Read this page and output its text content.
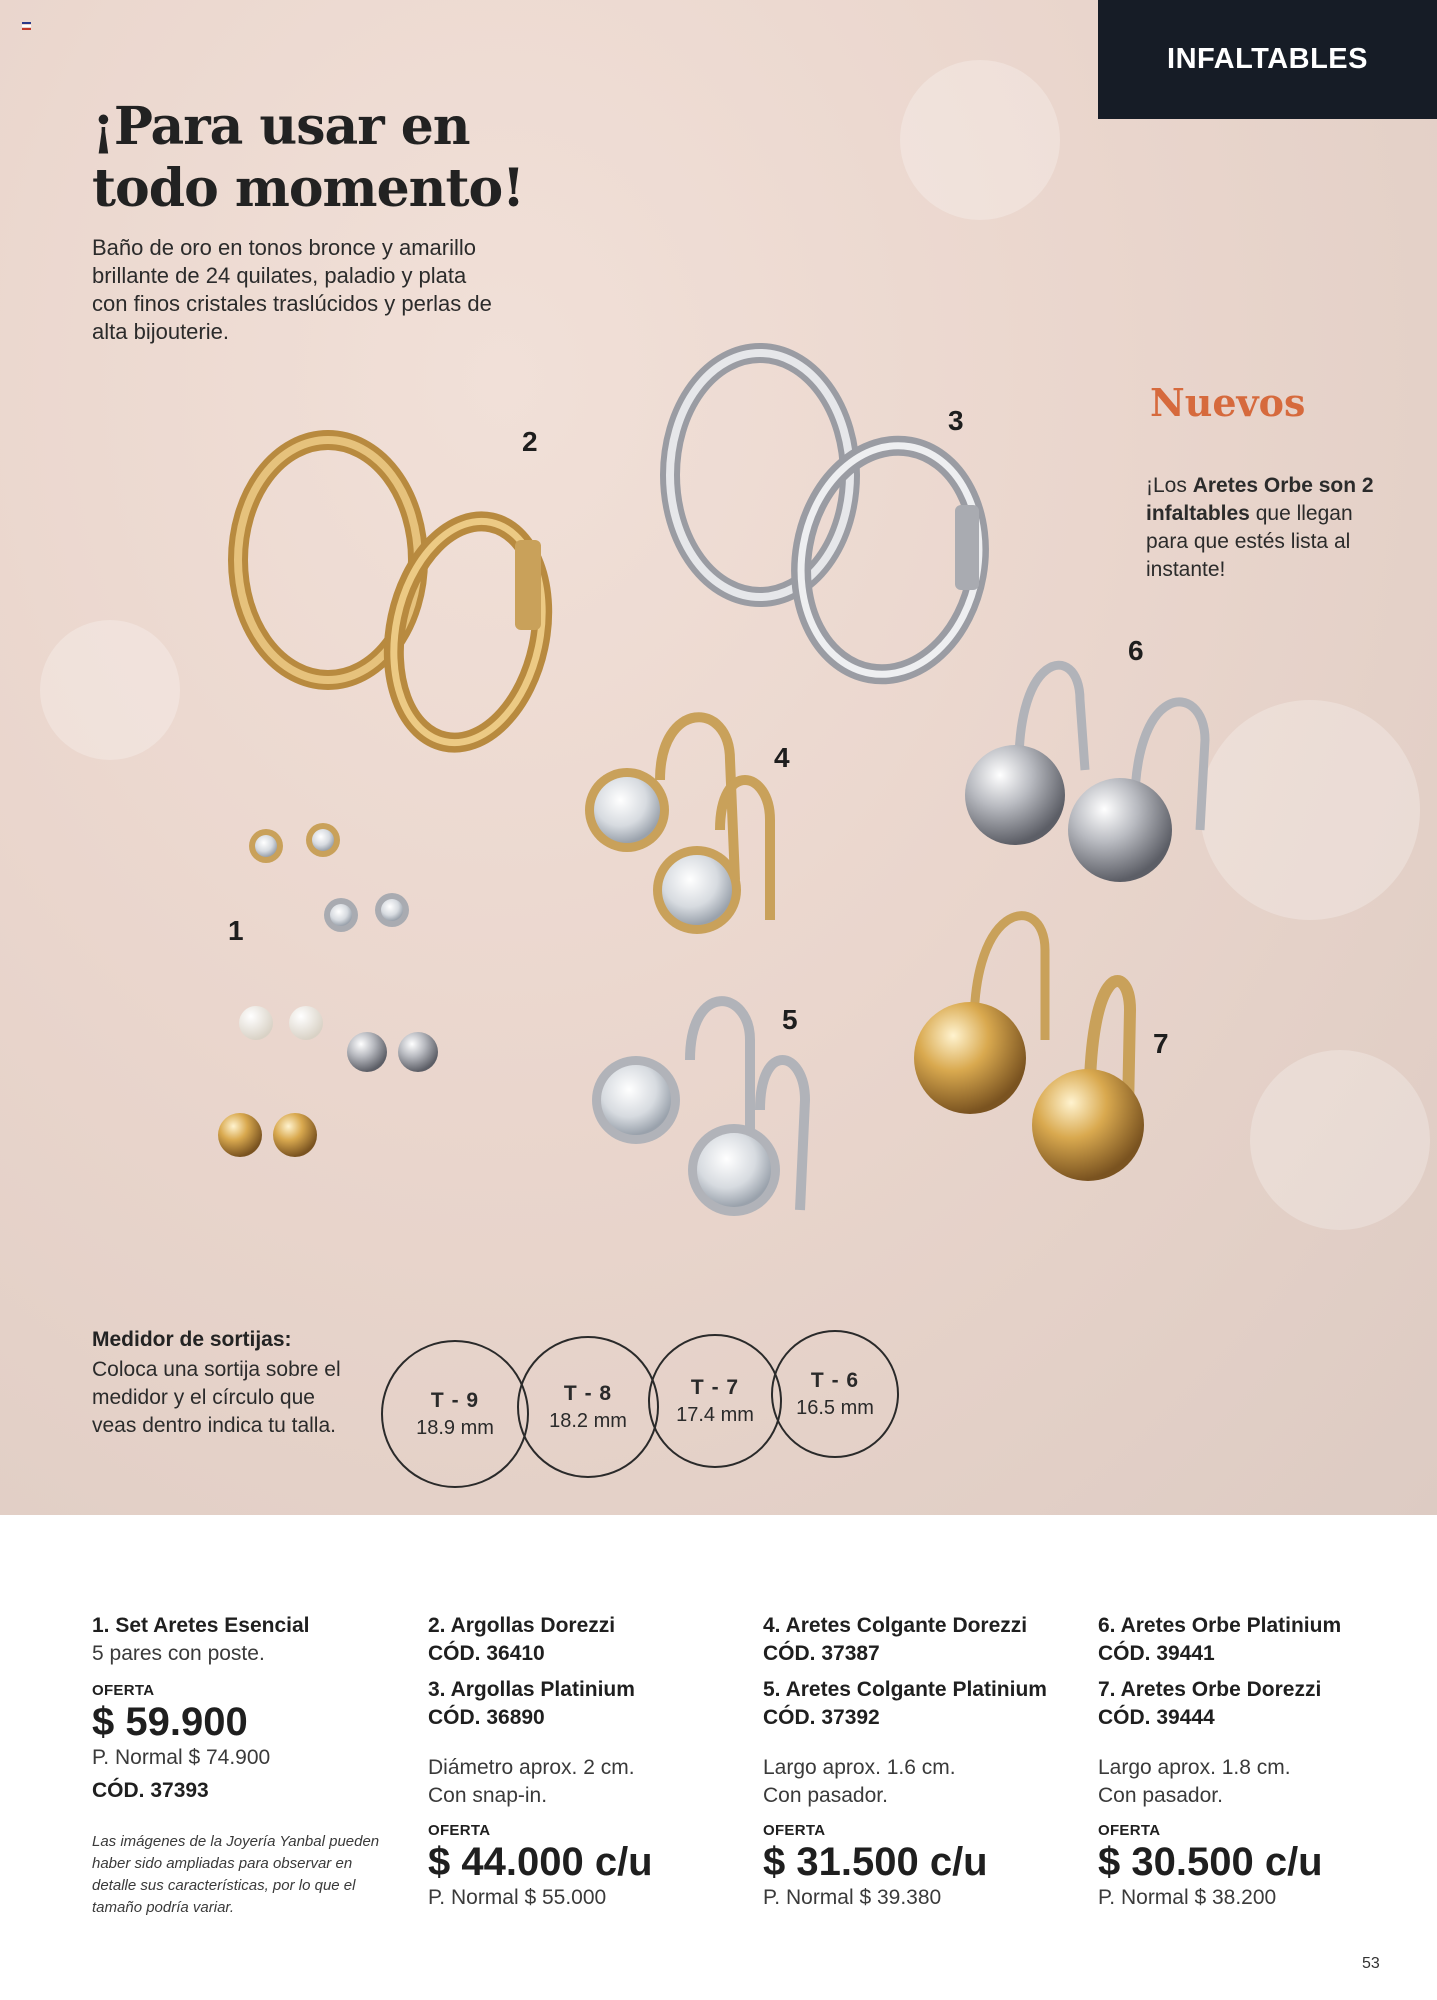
INFALTABLES
¡Para usar en todo momento!

Baño de oro en tonos bronce y amarillo brillante de 24 quilates, paladio y plata con finos cristales traslúcidos y perlas de alta bijouterie.

Nuevos

¡Los Aretes Orbe son 2 infaltables que llegan para que estés lista al instante!

1
2
3
4
5
6
7
Medidor de sortijas:

Coloca una sortija sobre el medidor y el círculo que veas dentro indica tu talla.

T - 9
18.9 mm
T - 8
18.2 mm
T - 7
17.4 mm
T - 6
16.5 mm
1. Set Aretes Esencial
5 pares con poste.
OFERTA
$ 59.900
P. Normal $ 74.900
CÓD. 37393

Las imágenes de la Joyería Yanbal pueden haber sido ampliadas para observar en detalle sus características, por lo que el tamaño podría variar.

2. Argollas Dorezzi
CÓD. 36410
3. Argollas Platinium
CÓD. 36890
Diámetro aprox. 2 cm.
Con snap-in.
OFERTA
$ 44.000 c/u
P. Normal $ 55.000
4. Aretes Colgante Dorezzi
CÓD. 37387
5. Aretes Colgante Platinium
CÓD. 37392
Largo aprox. 1.6 cm.
Con pasador.
OFERTA
$ 31.500 c/u
P. Normal $ 39.380
6. Aretes Orbe Platinium
CÓD. 39441
7. Aretes Orbe Dorezzi
CÓD. 39444
Largo aprox. 1.8 cm.
Con pasador.
OFERTA
$ 30.500 c/u
P. Normal $ 38.200
53
